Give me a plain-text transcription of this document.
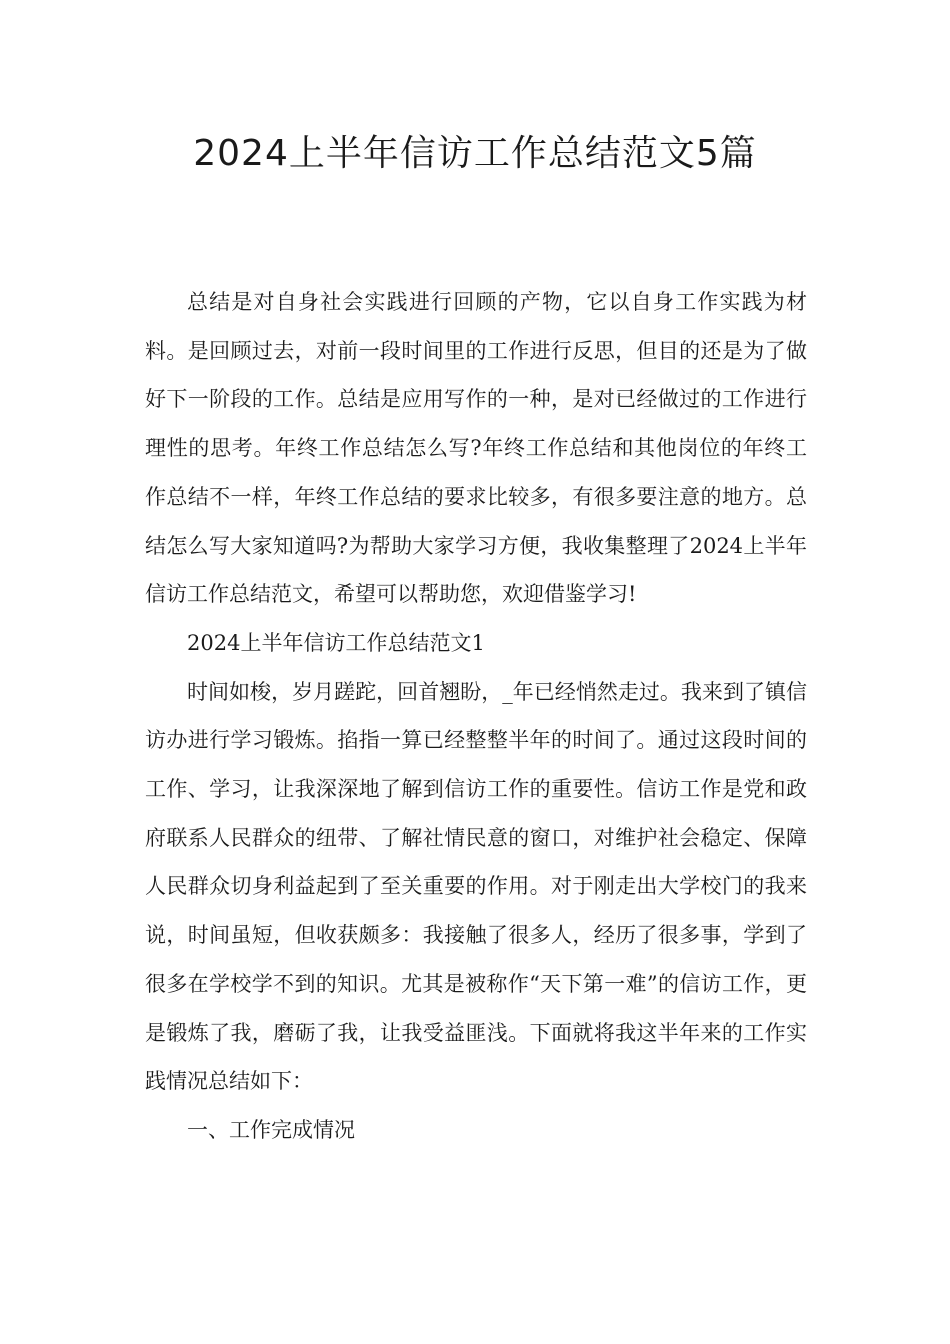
2024上半年信访工作总结范文5篇

总结是对自身社会实践进行回顾的产物，它以自身工作实践为材料。是回顾过去，对前一段时间里的工作进行反思，但目的还是为了做好下一阶段的工作。总结是应用写作的一种，是对已经做过的工作进行理性的思考。年终工作总结怎么写?年终工作总结和其他岗位的年终工作总结不一样，年终工作总结的要求比较多，有很多要注意的地方。总结怎么写大家知道吗?为帮助大家学习方便，我收集整理了2024上半年信访工作总结范文，希望可以帮助您，欢迎借鉴学习!

2024上半年信访工作总结范文1

时间如梭，岁月蹉跎，回首翘盼，_年已经悄然走过。我来到了镇信访办进行学习锻炼。掐指一算已经整整半年的时间了。通过这段时间的工作、学习，让我深深地了解到信访工作的重要性。信访工作是党和政府联系人民群众的纽带、了解社情民意的窗口，对维护社会稳定、保障人民群众切身利益起到了至关重要的作用。对于刚走出大学校门的我来说，时间虽短，但收获颇多：我接触了很多人，经历了很多事，学到了很多在学校学不到的知识。尤其是被称作“天下第一难”的信访工作，更是锻炼了我，磨砺了我，让我受益匪浅。下面就将我这半年来的工作实践情况总结如下：

一、工作完成情况
